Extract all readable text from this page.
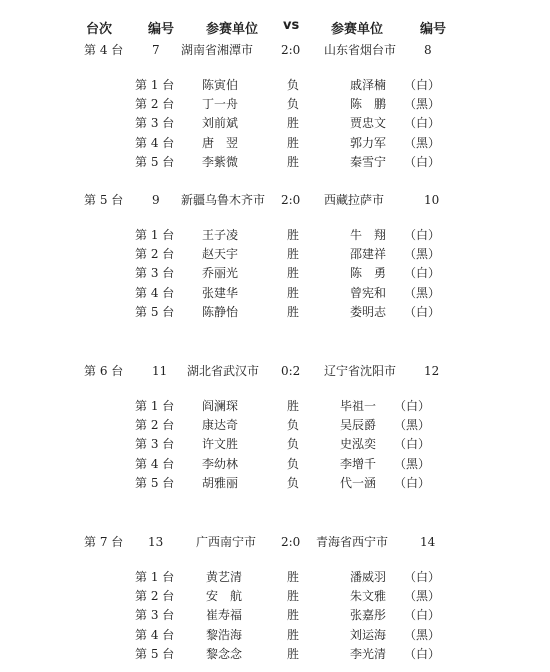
台次	编号 参赛单位 vs 参赛单位	编号
第 4 台 7 湖南省湘潭市 2:0 山东省烟台市 8
第 1 台 陈寅伯	负	戚泽楠	（白）
第 2 台 丁一舟	负	陈　鹏	（黑）
第 3 台 刘前斌	胜	贾忠文	（白）
第 4 台 唐　翌	胜	郭力军	（黑）
第 5 台 李紫微	胜	秦雪宁	（白）
第 5 台 9 新疆乌鲁木齐市 2:0 西藏拉萨市	10
第 1 台 王子凌	胜	牛　翔	（白）
第 2 台 赵天宇	胜	邵建祥	（黑）
第 3 台 乔丽光	胜	陈　勇	（白）
第 4 台 张建华	胜	曾宪和	（黑）
第 5 台 陈静怡	胜	娄明志	（白）
第 6 台 11 湖北省武汉市 0:2 辽宁省沈阳市 12
第 1 台 阎澜琛	胜	毕祖一	（白）
第 2 台 康达奇	负	吴辰爵	（黑）
第 3 台 许文胜	负	史泓奕	（白）
第 4 台 李幼林	负	李增千	（黑）
第 5 台 胡雅丽	负	代一涵	（白）
第 7 台 13	广西南宁市 2:0 青海省西宁市	14
第 1 台	黄艺清	胜	潘威羽	（白）
第 2 台	安　航	胜	朱文雅	（黑）
第 3 台	崔寿福	胜	张嘉彤	（白）
第 4 台	黎浩海	胜	刘运海	（黑）
第 5 台	黎念念	胜	李光清	（白）
